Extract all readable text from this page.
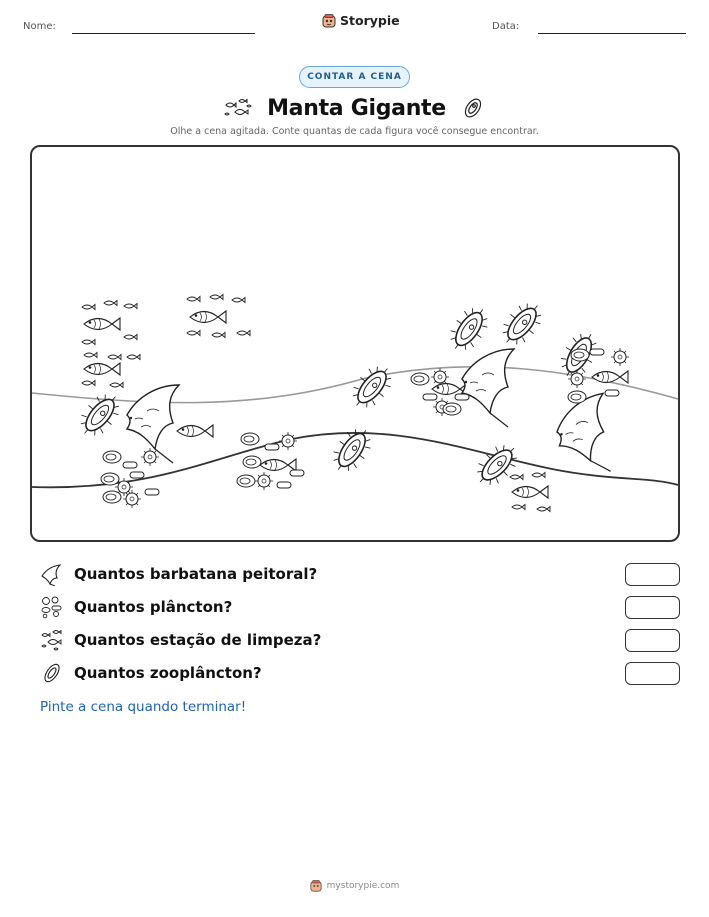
Nome:	Storypie	Data:
CONTAR A CENA
Manta Gigante
Olhe a cena agitada. Conte quantas de cada figura você consegue encontrar.
Quantos barbatana peitoral?
Quantos plâncton?
Quantos estação de limpeza?
Quantos zooplâncton?
Pinte a cena quando terminar!
mystorypie.com
